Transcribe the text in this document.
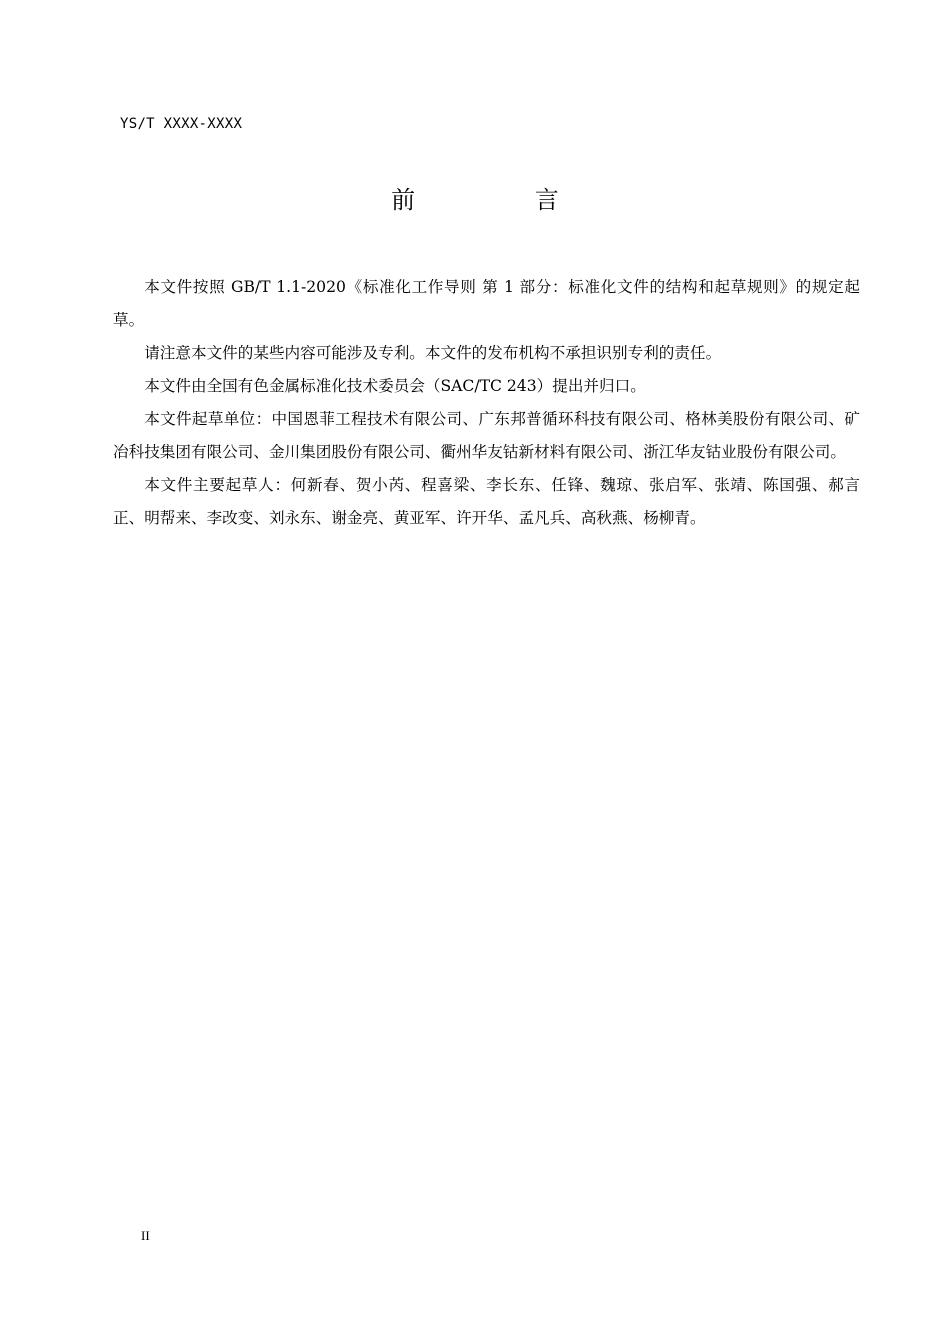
YS/T XXXX-XXXX
前 言

本文件按照 GB/T 1.1-2020《标准化工作导则 第 1 部分：标准化文件的结构和起草规则》的规定起草。

请注意本文件的某些内容可能涉及专利。本文件的发布机构不承担识别专利的责任。

本文件由全国有色金属标准化技术委员会（SAC/TC 243）提出并归口。

本文件起草单位：中国恩菲工程技术有限公司、广东邦普循环科技有限公司、格林美股份有限公司、矿冶科技集团有限公司、金川集团股份有限公司、衢州华友钴新材料有限公司、浙江华友钴业股份有限公司。

本文件主要起草人：何新春、贺小芮、程喜梁、李长东、任锋、魏琼、张启军、张靖、陈国强、郝言正、明帮来、李改变、刘永东、谢金亮、黄亚军、许开华、孟凡兵、高秋燕、杨柳青。

II
